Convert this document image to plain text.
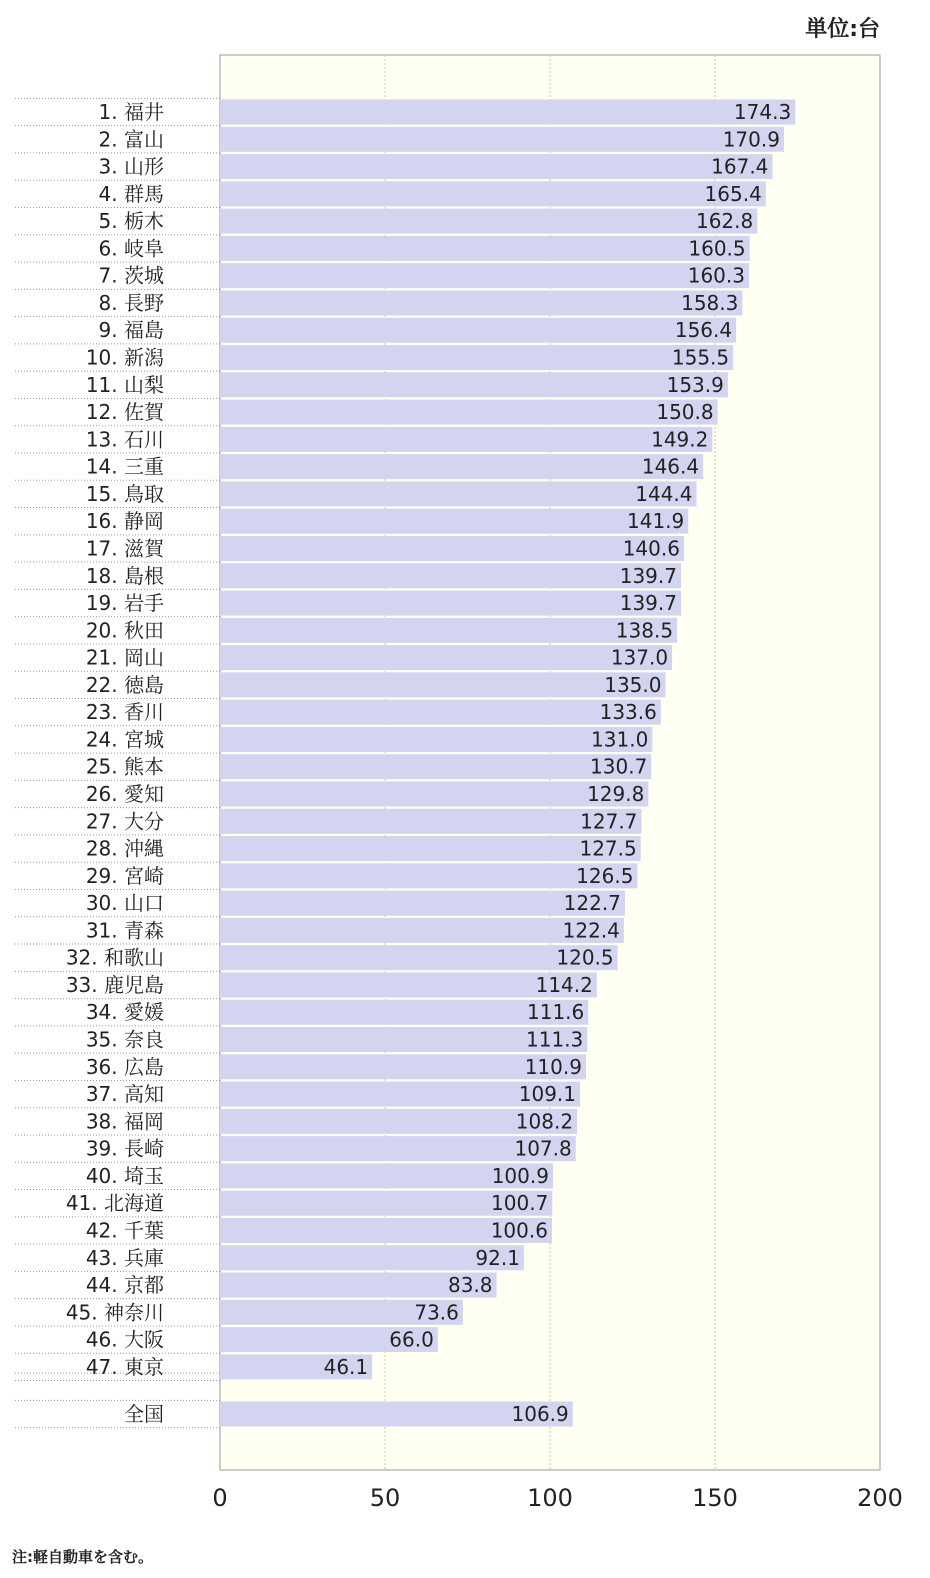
単位:台
1. 福井	174.3
2. 富山	170.9
3. 山形	167.4
4. 群馬	165.4
5. 栃木	162.8
6. 岐阜	160.5
7. 茨城	160.3
8. 長野	158.3
9. 福島	156.4
10. 新潟	155.5
11. 山梨	153.9
12. 佐賀	150.8
13. 石川	149.2
14. 三重	146.4
15. 鳥取	144.4
16. 静岡	141.9
17. 滋賀	140.6
18. 島根	139.7
19. 岩手	139.7
20. 秋田	138.5
21. 岡山	137.0
22. 徳島	135.0
23. 香川	133.6
24. 宮城	131.0
25. 熊本	130.7
26. 愛知	129.8
27. 大分	127.7
28. 沖縄	127.5
29. 宮崎	126.5
30. 山口	122.7
31. 青森	122.4
32. 和歌山	120.5
33. 鹿児島	114.2
34. 愛媛	111.6
35. 奈良	111.3
36. 広島	110.9
37. 高知	109.1
38. 福岡	108.2
39. 長崎	107.8
40. 埼玉	100.9
41. 北海道	100.7
42. 千葉	100.6
43. 兵庫	92.1
44. 京都	83.8
45. 神奈川	73.6
46. 大阪	66.0
47. 東京	46.1
全国	106.9
0	50	100	150	200
注:軽自動車を含む。
